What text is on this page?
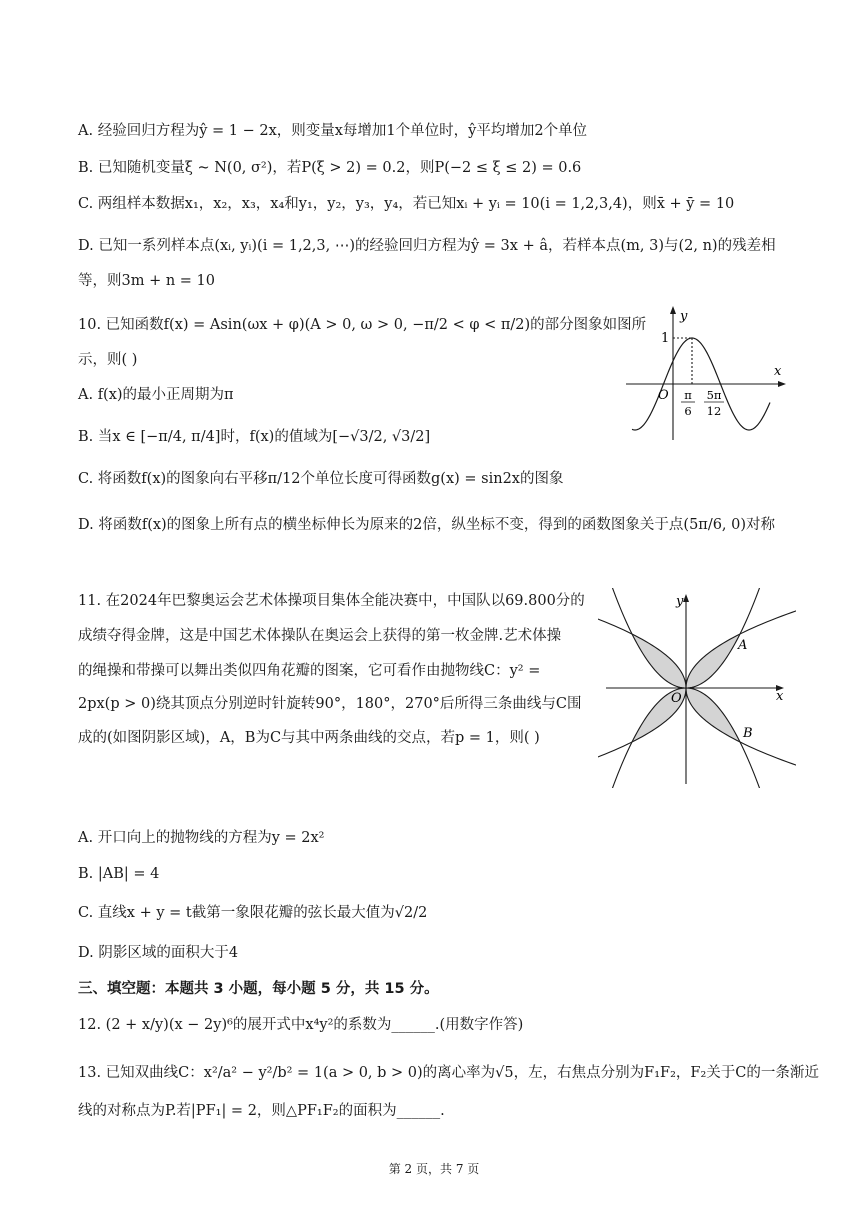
A. 经验回归方程为ŷ = 1 − 2x，则变量x每增加1个单位时，ŷ平均增加2个单位
B. 已知随机变量ξ ~ N(0, σ²)，若P(ξ > 2) = 0.2，则P(−2 ≤ ξ ≤ 2) = 0.6
C. 两组样本数据x₁，x₂，x₃，x₄和y₁，y₂，y₃，y₄，若已知xᵢ + yᵢ = 10(i = 1,2,3,4)，则x̄ + ȳ = 10
D. 已知一系列样本点(xᵢ, yᵢ)(i = 1,2,3, ⋯)的经验回归方程为ŷ = 3x + â，若样本点(m, 3)与(2, n)的残差相
等，则3m + n = 10
10. 已知函数f(x) = Asin(ωx + φ)(A > 0, ω > 0, −π/2 < φ < π/2)的部分图象如图所
示，则( )
A. f(x)的最小正周期为π
B. 当x ∈ [−π/4, π/4]时，f(x)的值域为[−√3/2, √3/2]
C. 将函数f(x)的图象向右平移π/12个单位长度可得函数g(x) = sin2x的图象
D. 将函数f(x)的图象上所有点的横坐标伸长为原来的2倍，纵坐标不变，得到的函数图象关于点(5π/6, 0)对称
y
x
O
1
π
6
5π
12
11. 在2024年巴黎奥运会艺术体操项目集体全能决赛中，中国队以69.800分的
成绩夺得金牌，这是中国艺术体操队在奥运会上获得的第一枚金牌.艺术体操
的绳操和带操可以舞出类似四角花瓣的图案，它可看作由抛物线C：y² =
2px(p > 0)绕其顶点分别逆时针旋转90°，180°，270°后所得三条曲线与C围
成的(如图阴影区域)，A，B为C与其中两条曲线的交点，若p = 1，则( )
y
x
O
A
B
A. 开口向上的抛物线的方程为y = 2x²
B. |AB| = 4
C. 直线x + y = t截第一象限花瓣的弦长最大值为√2/2
D. 阴影区域的面积大于4
三、填空题：本题共 3 小题，每小题 5 分，共 15 分。
12. (2 + x/y)(x − 2y)⁶的展开式中x⁴y²的系数为______.(用数字作答)
13. 已知双曲线C：x²/a² − y²/b² = 1(a > 0, b > 0)的离心率为√5，左，右焦点分别为F₁F₂，F₂关于C的一条渐近
线的对称点为P.若|PF₁| = 2，则△PF₁F₂的面积为______.
第 2 页，共 7 页
